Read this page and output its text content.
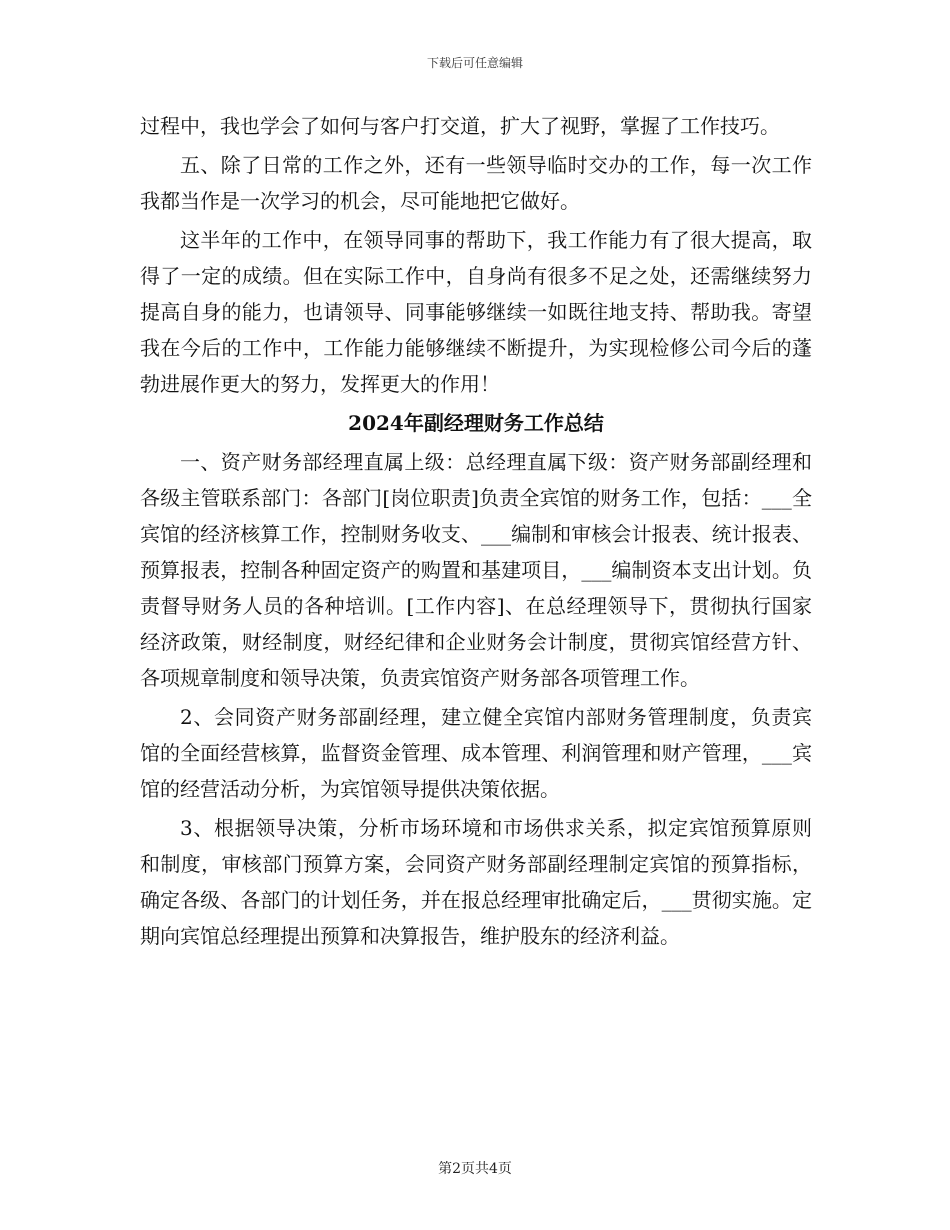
下载后可任意编辑

过程中，我也学会了如何与客户打交道，扩大了视野，掌握了工作技巧。

五、除了日常的工作之外，还有一些领导临时交办的工作，每一次工作我都当作是一次学习的机会，尽可能地把它做好。

这半年的工作中，在领导同事的帮助下，我工作能力有了很大提高，取得了一定的成绩。但在实际工作中，自身尚有很多不足之处，还需继续努力提高自身的能力，也请领导、同事能够继续一如既往地支持、帮助我。寄望我在今后的工作中，工作能力能够继续不断提升，为实现检修公司今后的蓬勃进展作更大的努力，发挥更大的作用！

2024年副经理财务工作总结

一、资产财务部经理直属上级：总经理直属下级：资产财务部副经理和各级主管联系部门：各部门[岗位职责]负责全宾馆的财务工作，包括：___全宾馆的经济核算工作，控制财务收支、___编制和审核会计报表、统计报表、预算报表，控制各种固定资产的购置和基建项目，___编制资本支出计划。负责督导财务人员的各种培训。[工作内容]、在总经理领导下，贯彻执行国家经济政策，财经制度，财经纪律和企业财务会计制度，贯彻宾馆经营方针、各项规章制度和领导决策，负责宾馆资产财务部各项管理工作。

2、会同资产财务部副经理，建立健全宾馆内部财务管理制度，负责宾馆的全面经营核算，监督资金管理、成本管理、利润管理和财产管理，___宾馆的经营活动分析，为宾馆领导提供决策依据。

3、根据领导决策，分析市场环境和市场供求关系，拟定宾馆预算原则和制度，审核部门预算方案，会同资产财务部副经理制定宾馆的预算指标，确定各级、各部门的计划任务，并在报总经理审批确定后，___贯彻实施。定期向宾馆总经理提出预算和决算报告，维护股东的经济利益。

第2页共4页
